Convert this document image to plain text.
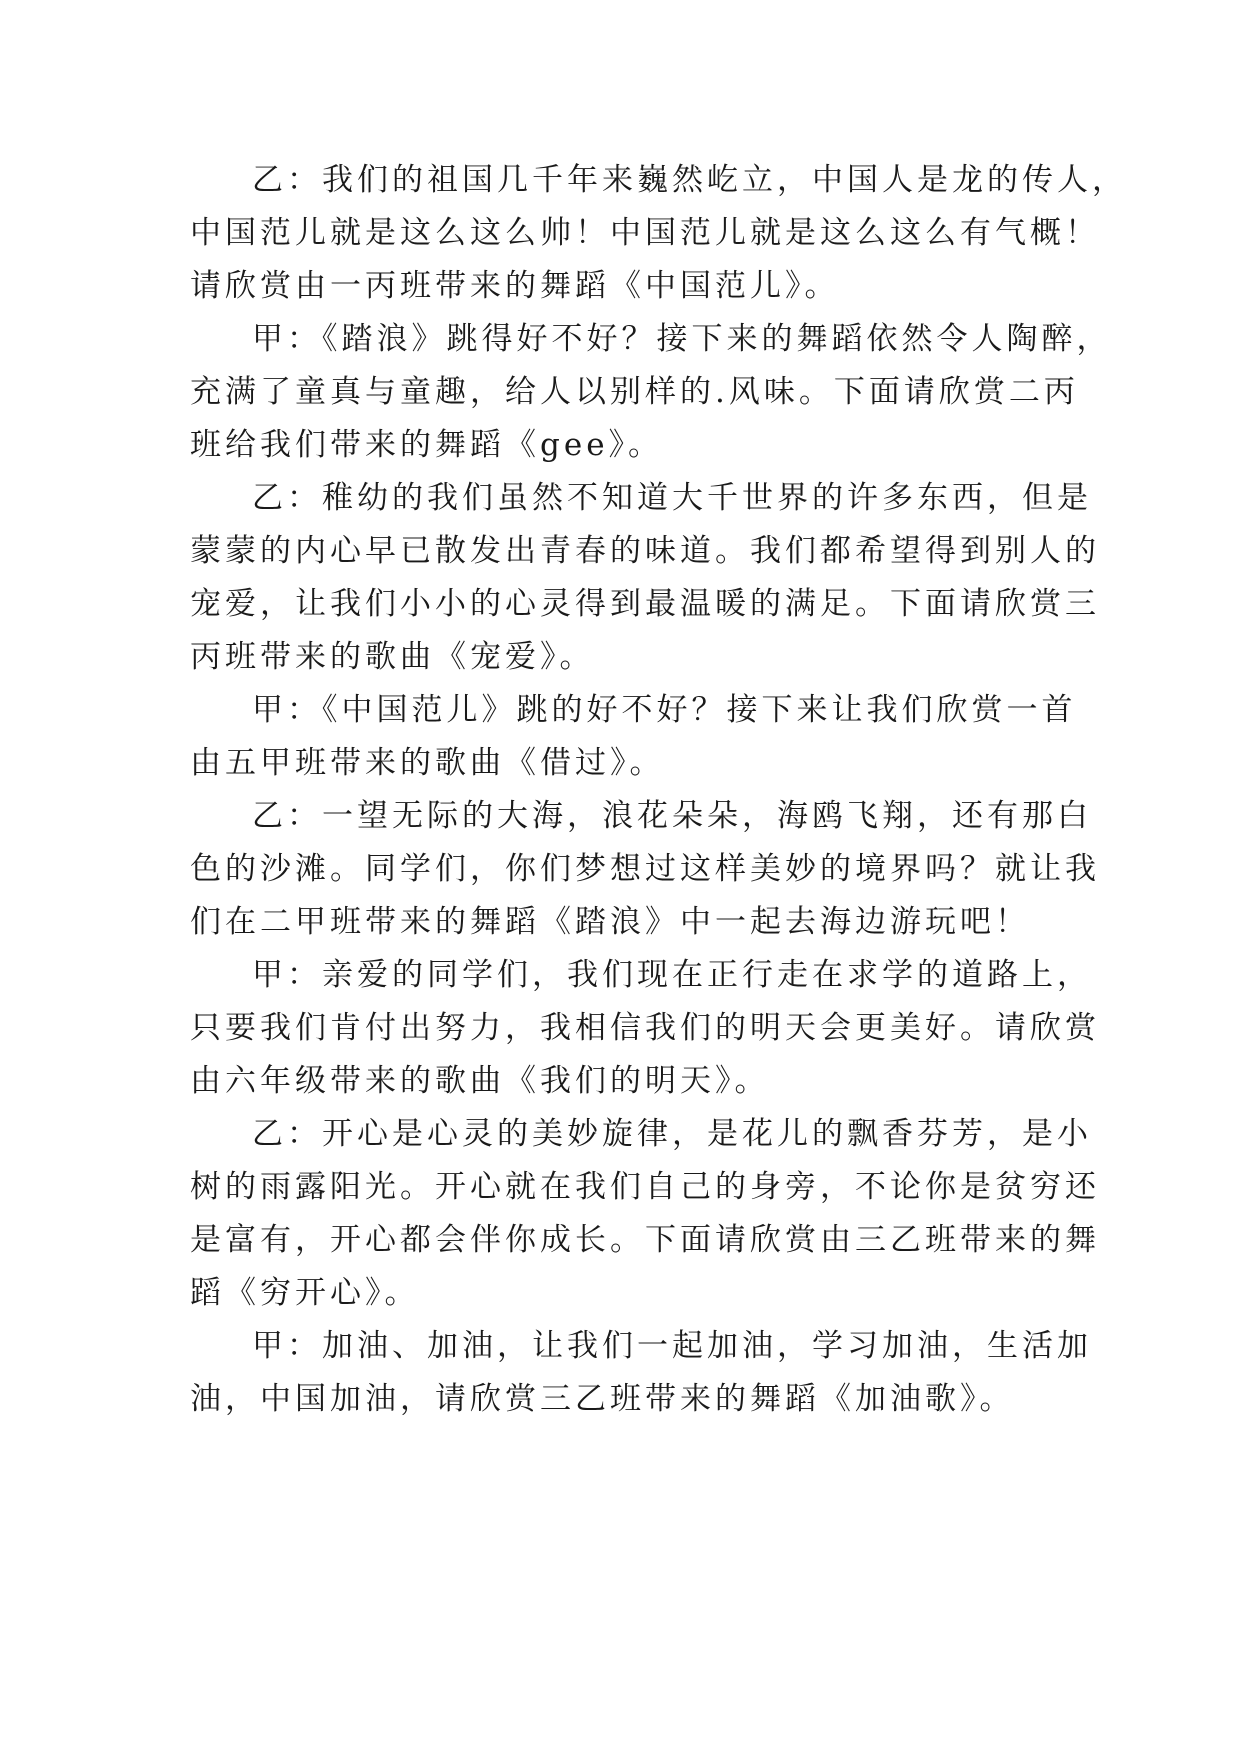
乙：我们的祖国几千年来巍然屹立，中国人是龙的传人，
中国范儿就是这么这么帅！中国范儿就是这么这么有气概！
请欣赏由一丙班带来的舞蹈《中国范儿》。
甲：《踏浪》跳得好不好？接下来的舞蹈依然令人陶醉，
充满了童真与童趣，给人以别样的.风味。下面请欣赏二丙
班给我们带来的舞蹈《gee》。
乙：稚幼的我们虽然不知道大千世界的许多东西，但是
蒙蒙的内心早已散发出青春的味道。我们都希望得到别人的
宠爱，让我们小小的心灵得到最温暖的满足。下面请欣赏三
丙班带来的歌曲《宠爱》。
甲：《中国范儿》跳的好不好？接下来让我们欣赏一首
由五甲班带来的歌曲《借过》。
乙：一望无际的大海，浪花朵朵，海鸥飞翔，还有那白
色的沙滩。同学们，你们梦想过这样美妙的境界吗？就让我
们在二甲班带来的舞蹈《踏浪》中一起去海边游玩吧！
甲：亲爱的同学们，我们现在正行走在求学的道路上，
只要我们肯付出努力，我相信我们的明天会更美好。请欣赏
由六年级带来的歌曲《我们的明天》。
乙：开心是心灵的美妙旋律，是花儿的飘香芬芳，是小
树的雨露阳光。开心就在我们自己的身旁，不论你是贫穷还
是富有，开心都会伴你成长。下面请欣赏由三乙班带来的舞
蹈《穷开心》。
甲：加油、加油，让我们一起加油，学习加油，生活加
油，中国加油，请欣赏三乙班带来的舞蹈《加油歌》。
